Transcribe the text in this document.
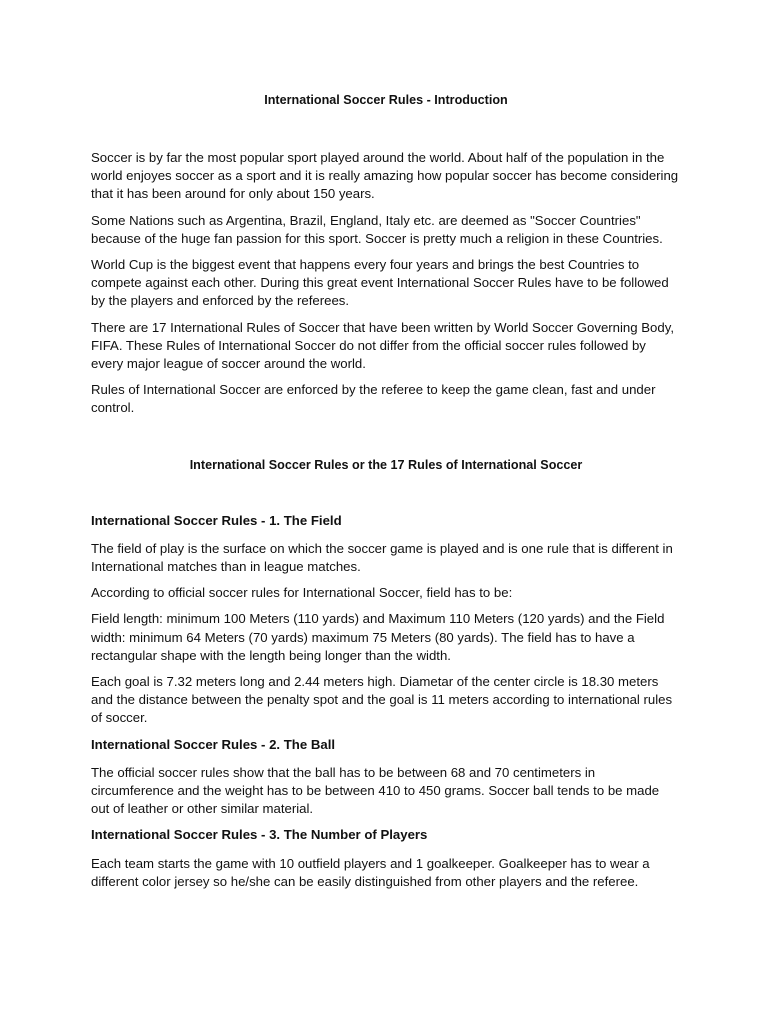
International Soccer Rules - Introduction

Soccer is by far the most popular sport played around the world. About half of the population in the world enjoyes soccer as a sport and it is really amazing how popular soccer has become considering that it has been around for only about 150 years.

Some Nations such as Argentina, Brazil, England, Italy etc. are deemed as "Soccer Countries" because of the huge fan passion for this sport. Soccer is pretty much a religion in these Countries.

World Cup is the biggest event that happens every four years and brings the best Countries to compete against each other. During this great event International Soccer Rules have to be followed by the players and enforced by the referees.

There are 17 International Rules of Soccer that have been written by World Soccer Governing Body, FIFA. These Rules of International Soccer do not differ from the official soccer rules followed by every major league of soccer around the world.

Rules of International Soccer are enforced by the referee to keep the game clean, fast and under control.

International Soccer Rules or the 17 Rules of International Soccer
International Soccer Rules - 1. The Field

The field of play is the surface on which the soccer game is played and is one rule that is different in International matches than in league matches.

According to official soccer rules for International Soccer, field has to be:

Field length: minimum 100 Meters (110 yards) and Maximum 110 Meters (120 yards) and the Field width: minimum 64 Meters (70 yards) maximum 75 Meters (80 yards). The field has to have a rectangular shape with the length being longer than the width.

Each goal is 7.32 meters long and 2.44 meters high. Diametar of the center circle is 18.30 meters and the distance between the penalty spot and the goal is 11 meters according to international rules of soccer.

International Soccer Rules - 2. The Ball

The official soccer rules show that the ball has to be between 68 and 70 centimeters in circumference and the weight has to be between 410 to 450 grams. Soccer ball tends to be made out of leather or other similar material.

International Soccer Rules - 3. The Number of Players

Each team starts the game with 10 outfield players and 1 goalkeeper. Goalkeeper has to wear a different color jersey so he/she can be easily distinguished from other players and the referee.
